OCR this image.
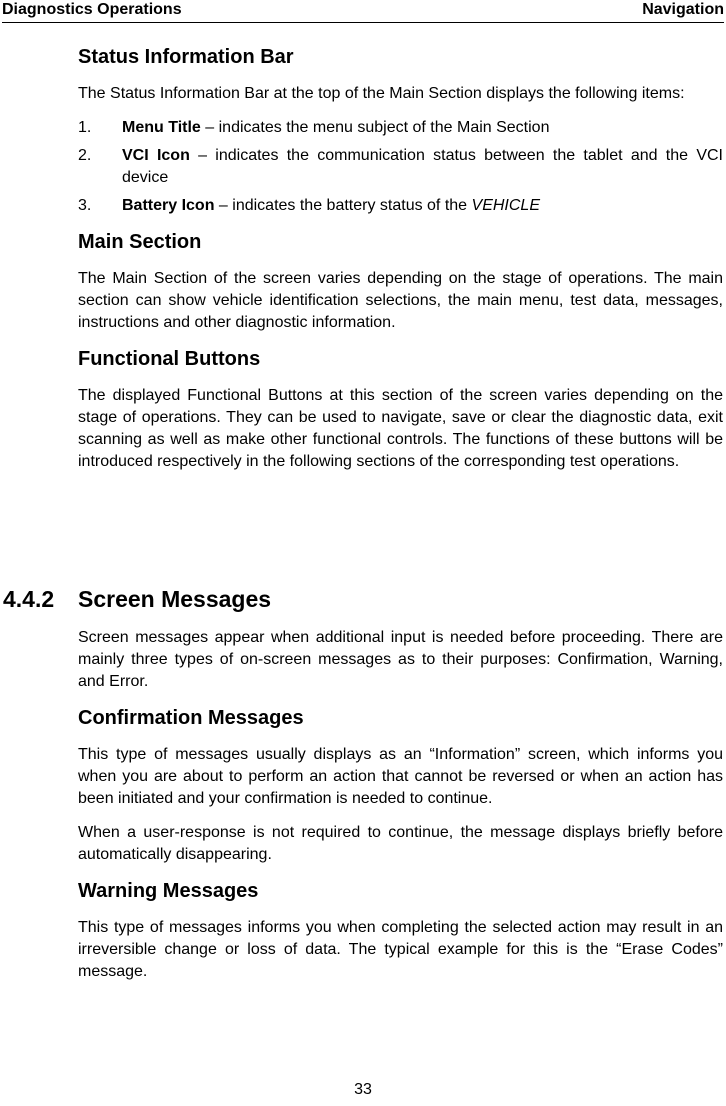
Diagnostics Operations	Navigation
Status Information Bar

The Status Information Bar at the top of the Main Section displays the following items:

1. Menu Title – indicates the menu subject of the Main Section
2. VCI Icon – indicates the communication status between the tablet and the VCI device
3. Battery Icon – indicates the battery status of the VEHICLE
Main Section

The Main Section of the screen varies depending on the stage of operations. The main section can show vehicle identification selections, the main menu, test data, messages, instructions and other diagnostic information.

Functional Buttons

The displayed Functional Buttons at this section of the screen varies depending on the stage of operations. They can be used to navigate, save or clear the diagnostic data, exit scanning as well as make other functional controls. The functions of these buttons will be introduced respectively in the following sections of the corresponding test operations.

4.4.2 Screen Messages

Screen messages appear when additional input is needed before proceeding. There are mainly three types of on-screen messages as to their purposes: Confirmation, Warning, and Error.

Confirmation Messages

This type of messages usually displays as an “Information” screen, which informs you when you are about to perform an action that cannot be reversed or when an action has been initiated and your confirmation is needed to continue.

When a user-response is not required to continue, the message displays briefly before automatically disappearing.

Warning Messages

This type of messages informs you when completing the selected action may result in an irreversible change or loss of data. The typical example for this is the “Erase Codes” message.

33
